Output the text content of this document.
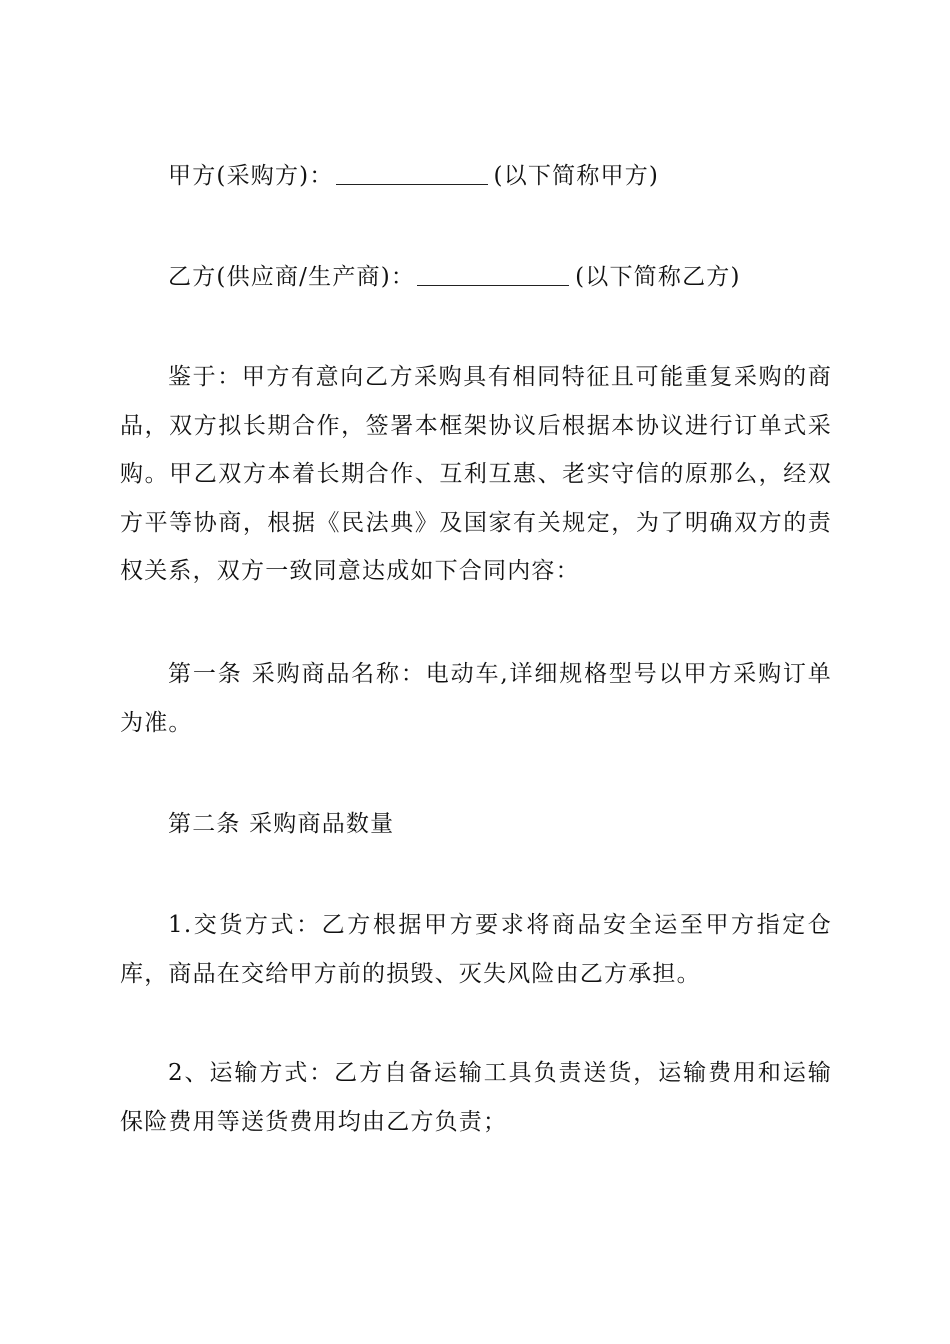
甲方(采购方)：	(以下简称甲方)
乙方(供应商/生产商)：	(以下简称乙方)

鉴于：甲方有意向乙方采购具有相同特征且可能重复采购的商品，双方拟长期合作，签署本框架协议后根据本协议进行订单式采购。甲乙双方本着长期合作、互利互惠、老实守信的原那么，经双方平等协商，根据《民法典》及国家有关规定，为了明确双方的责权关系，双方一致同意达成如下合同内容：

第一条 采购商品名称：电动车,详细规格型号以甲方采购订单为准。

第二条 采购商品数量

1.交货方式：乙方根据甲方要求将商品安全运至甲方指定仓库，商品在交给甲方前的损毁、灭失风险由乙方承担。

2、运输方式：乙方自备运输工具负责送货，运输费用和运输保险费用等送货费用均由乙方负责；
